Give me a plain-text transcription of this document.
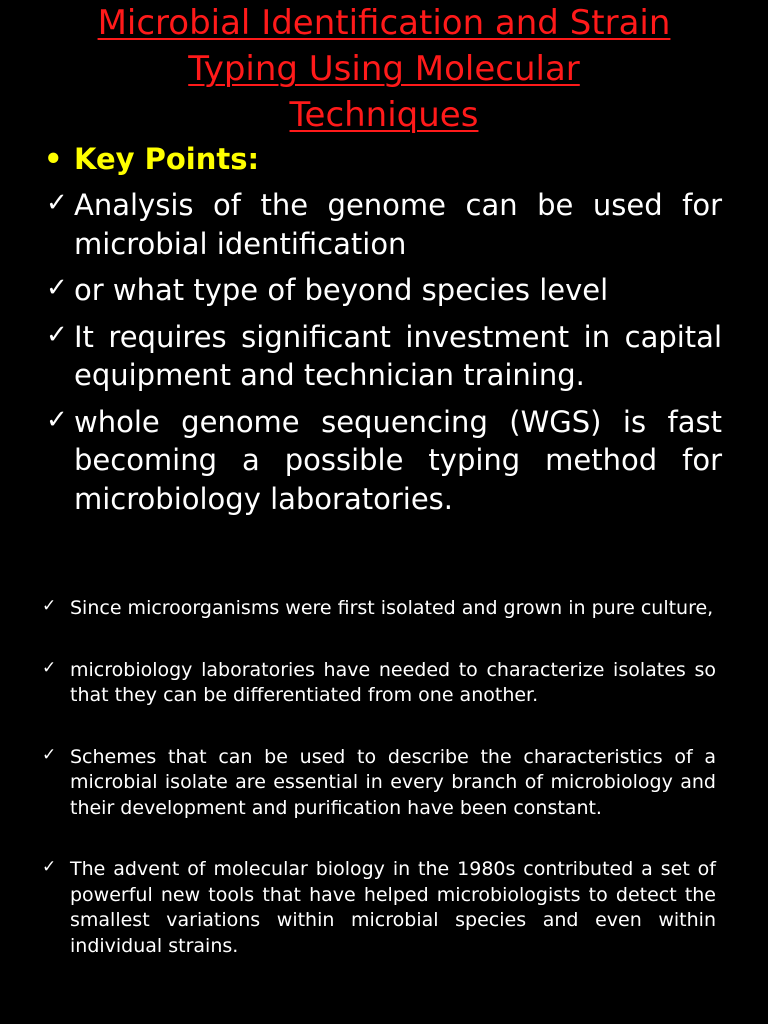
Microbial Identification and Strain
Typing Using Molecular
Techniques
• Key Points:
✓ Analysis of the genome can be used for microbial identification
✓ or what type of beyond species level
✓ It requires significant investment in capital equipment and technician training.
✓ whole genome sequencing (WGS) is fast becoming a possible typing method for microbiology laboratories.
✓ Since microorganisms were first isolated and grown in pure culture,
✓ microbiology laboratories have needed to characterize isolates so that they can be differentiated from one another.
✓ Schemes that can be used to describe the characteristics of a microbial isolate are essential in every branch of microbiology and their development and purification have been constant.
✓ The advent of molecular biology in the 1980s contributed a set of powerful new tools that have helped microbiologists to detect the smallest variations within microbial species and even within individual strains.
